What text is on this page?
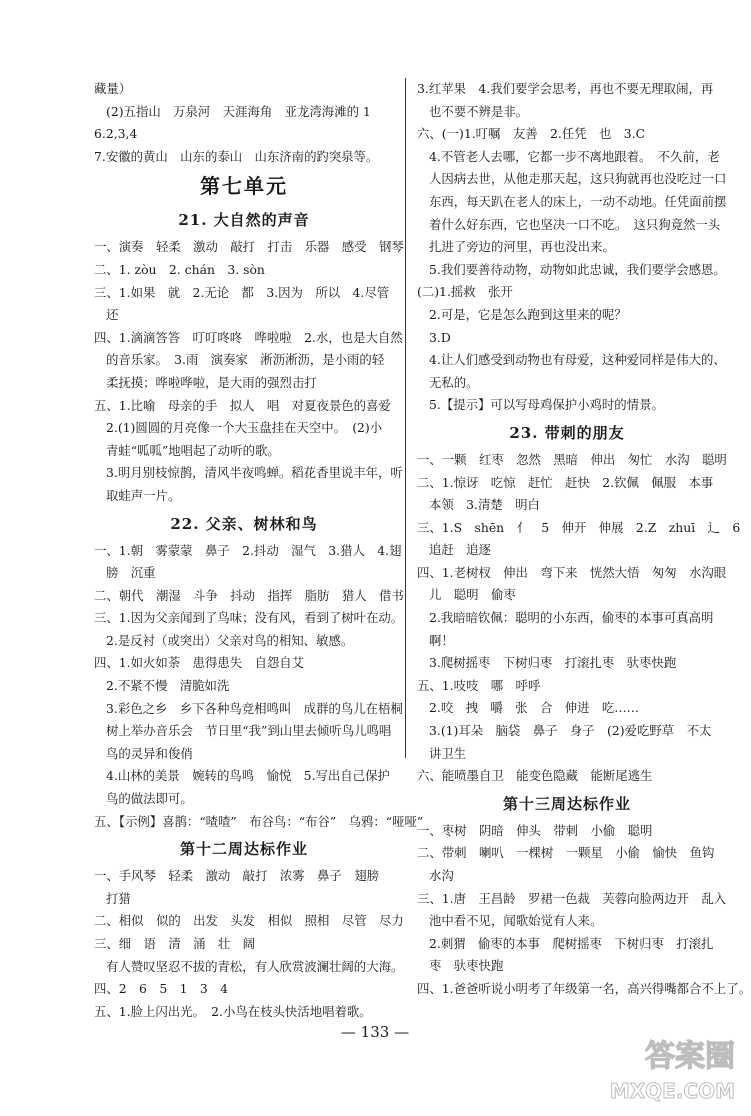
藏量）
(2)五指山　万泉河　天涯海角　亚龙湾海滩的 1
6.2,3,4
7.安徽的黄山　山东的泰山　山东济南的趵突泉等。
第七单元
21. 大自然的声音
一、演奏　轻柔　激动　敲打　打击　乐器　感受　钢琴
二、1. zòu　2. chán　3. sòn
三、1.如果　就　2.无论　都　3.因为　所以　4.尽管
还
四、1.滴滴答答　叮叮咚咚　哗啦啦　2.水，也是大自然
的音乐家。　3.雨　演奏家　淅沥淅沥，是小雨的轻
柔抚摸；哗啦哗啦，是大雨的强烈击打
五、1.比喻　母亲的手　拟人　唱　对夏夜景色的喜爱
2.(1)圆圆的月亮像一个大玉盘挂在天空中。　(2)小
青蛙“呱呱”地唱起了动听的歌。
3.明月别枝惊鹊，清风半夜鸣蝉。稻花香里说丰年，听
取蛙声一片。
22. 父亲、树林和鸟
一、1.朝　雾蒙蒙　鼻子　2.抖动　湿气　3.猎人　4.翅
膀　沉重
二、朝代　潮湿　斗争　抖动　指挥　脂肪　猎人　借书
三、1.因为父亲闻到了鸟味；没有风，看到了树叶在动。
2.是反衬（或突出）父亲对鸟的相知、敏感。
四、1.如火如荼　患得患失　自怨自艾
2.不紧不慢　清脆如洗
3.彩色之乡　乡下各种鸟竞相鸣叫　成群的鸟儿在梧桐
树上举办音乐会　节日里“我”到山里去倾听鸟儿鸣唱
鸟的灵异和俊俏
4.山林的美景　婉转的鸟鸣　愉悦　5.写出自己保护
鸟的做法即可。
五、【示例】喜鹊：“喳喳”　布谷鸟：“布谷”　乌鸦：“哑哑”
第十二周达标作业
一、手风琴　轻柔　激动　敲打　浓雾　鼻子　翅膀
打猎
二、相似　似的　出发　头发　相似　照相　尽管　尽力
三、细　语　清　涌　壮　阔
有人赞叹坚忍不拔的青松，有人欣赏波澜壮阔的大海。
四、2　6　5　1　3　4
五、1.脸上闪出光。　2.小鸟在枝头快活地唱着歌。
3.红苹果　4.我们要学会思考，再也不要无理取闹，再
也不要不辨是非。
六、(一)1.叮嘱　友善　2.任凭　也　3.C
4.不管老人去哪，它都一步不离地跟着。　不久前，老
人因病去世，从他走那天起，这只狗就再也没吃过一口
东西，每天趴在老人的床上，一动不动地。任凭面前摆
着什么好东西，它也坚决一口不吃。　这只狗竟然一头
扎进了旁边的河里，再也没出来。
5.我们要善待动物，动物如此忠诚，我们要学会感恩。
(二)1.摇救　张开
2.可是，它是怎么跑到这里来的呢？
3.D
4.让人们感受到动物也有母爱，这种爱同样是伟大的、
无私的。
5.【提示】可以写母鸡保护小鸡时的情景。
23. 带刺的朋友
一、一颗　红枣　忽然　黑暗　伸出　匆忙　水沟　聪明
二、1.惊讶　吃惊　赶忙　赶快　2.钦佩　佩服　本事
本领　3.清楚　明白
三、1.S　shēn　亻　5　伸开　伸展　2.Z　zhuī　辶　6
追赶　追逐
四、1.老树杈　伸出　弯下来　恍然大悟　匆匆　水沟眼
儿　聪明　偷枣
2.我暗暗钦佩：聪明的小东西，偷枣的本事可真高明
啊！
3.爬树摇枣　下树归枣　打滚扎枣　驮枣快跑
五、1.吱吱　哪　呼呼
2.咬　拽　嚼　张　合　伸进　吃……
3.(1)耳朵　脑袋　鼻子　身子　(2)爱吃野草　不太
讲卫生
六、能喷墨自卫　能变色隐藏　能断尾逃生
第十三周达标作业
一、枣树　阴暗　伸头　带刺　小偷　聪明
二、带刺　喇叭　一棵树　一颗星　小偷　愉快　鱼钩
水沟
三、1.唐　王昌龄　罗裙一色裁　芙蓉向脸两边开　乱入
池中看不见，闻歌始觉有人来。
2.刺猬　偷枣的本事　爬树摇枣　下树归枣　打滚扎
枣　驮枣快跑
四、1.爸爸听说小明考了年级第一名，高兴得嘴都合不上了。
— 133 —
答案圈
MXQE.COM
